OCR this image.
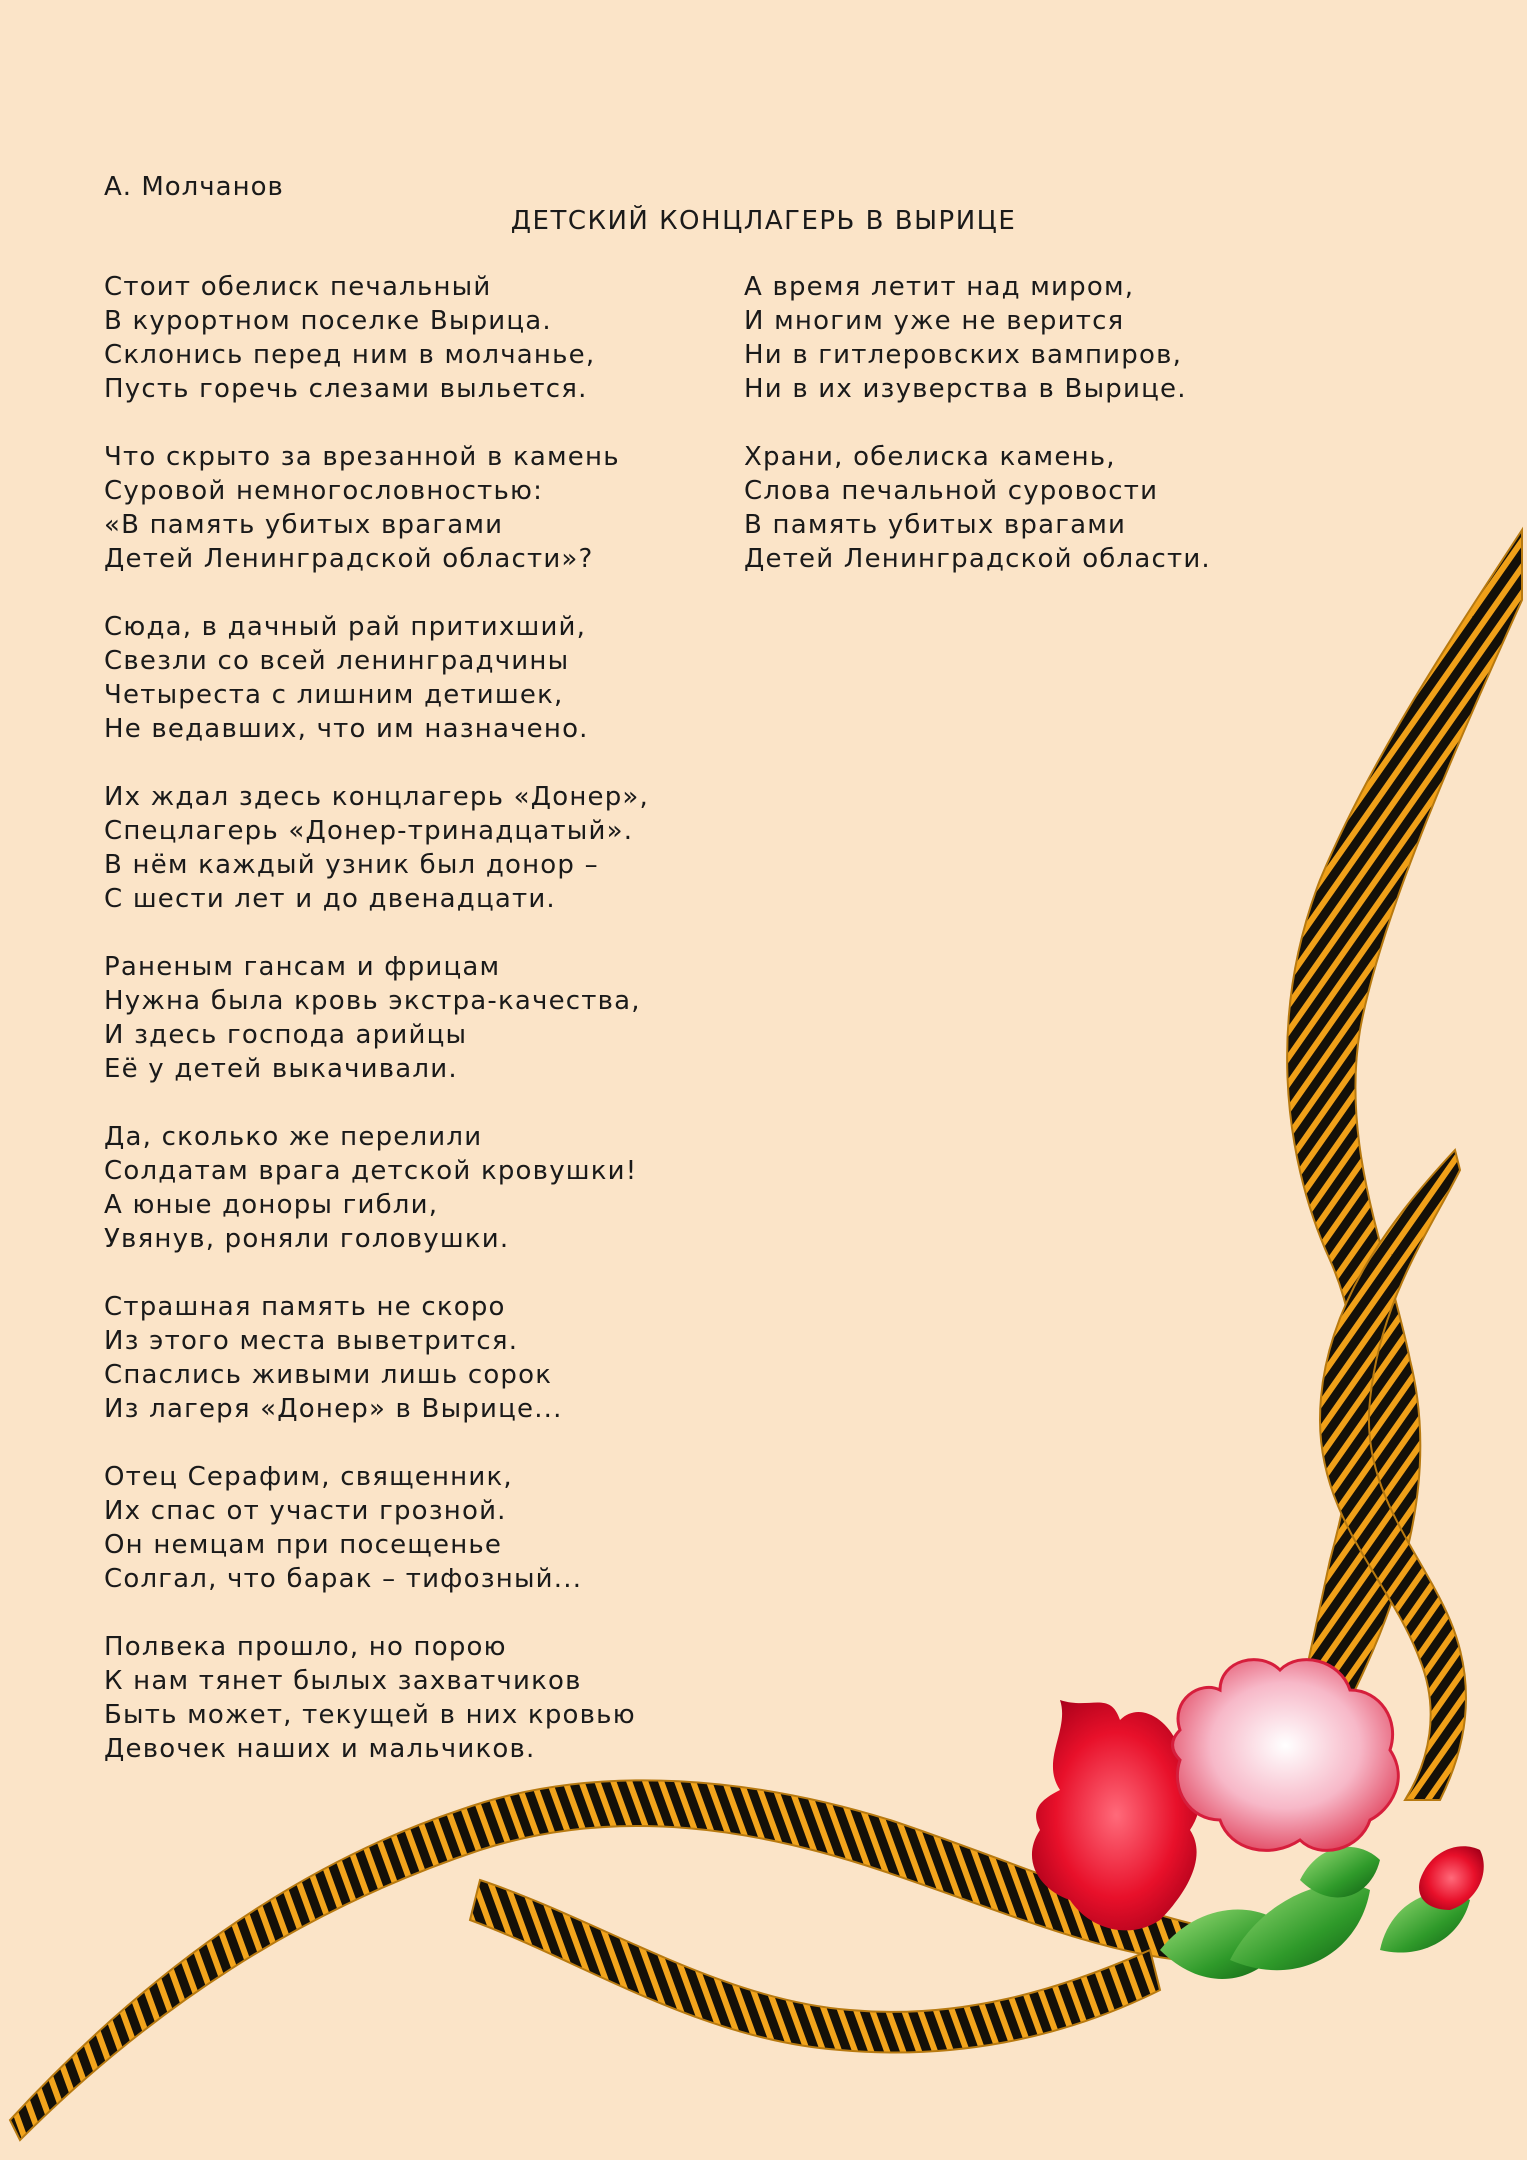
А. Молчанов
ДЕТСКИЙ КОНЦЛАГЕРЬ В ВЫРИЦЕ

Стоит обелиск печальный
В курортном поселке Вырица.
Склонись перед ним в молчанье,
Пусть горечь слезами выльется.

Что скрыто за врезанной в камень
Суровой немногословностью:
«В память убитых врагами
Детей Ленинградской области»?

Сюда, в дачный рай притихший,
Свезли со всей ленинградчины
Четыреста с лишним детишек,
Не ведавших, что им назначено.

Их ждал здесь концлагерь «Донер»,
Спецлагерь «Донер-тринадцатый».
В нём каждый узник был донор –
С шести лет и до двенадцати.

Раненым гансам и фрицам
Нужна была кровь экстра-качества,
И здесь господа арийцы
Её у детей выкачивали.

Да, сколько же перелили
Солдатам врага детской кровушки!
А юные доноры гибли,
Увянув, роняли головушки.

Страшная память не скоро
Из этого места выветрится.
Спаслись живыми лишь сорок
Из лагеря «Донер» в Вырице...

Отец Серафим, священник,
Их спас от участи грозной.
Он немцам при посещенье
Солгал, что барак – тифозный...

Полвека прошло, но порою
К нам тянет былых захватчиков
Быть может, текущей в них кровью
Девочек наших и мальчиков.

А время летит над миром,
И многим уже не верится
Ни в гитлеровских вампиров,
Ни в их изуверства в Вырице.

Храни, обелиска камень,
Слова печальной суровости
В память убитых врагами
Детей Ленинградской области.
